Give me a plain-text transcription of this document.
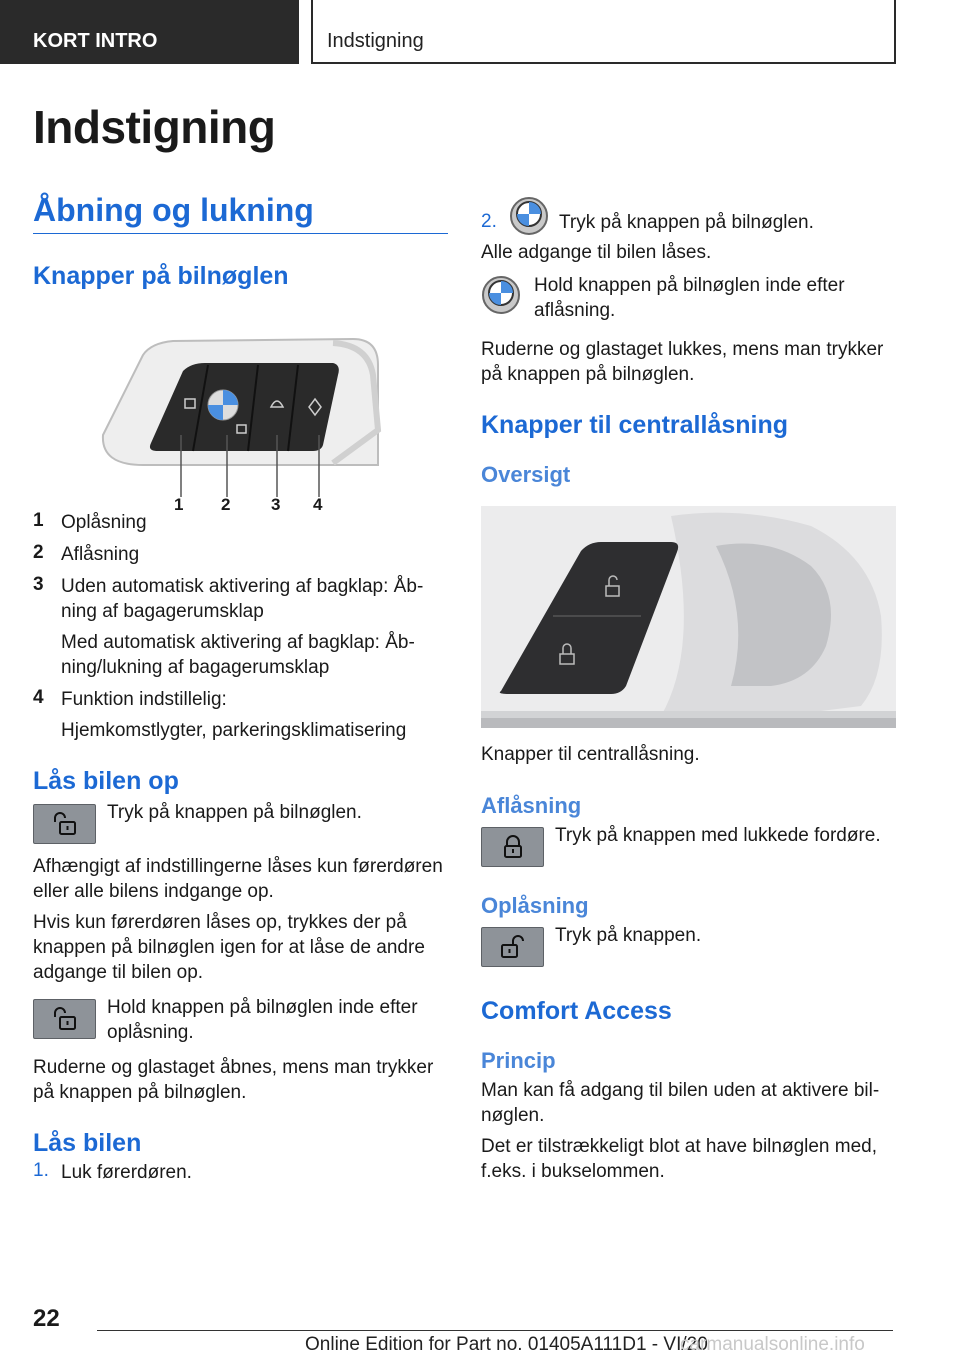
KORT INTRO	Indstigning
Indstigning
Åbning og lukning
Knapper på bilnøglen
1 2 3 4
1 Oplåsning
2 Aflåsning
3 Uden automatisk aktivering af bagklap: Åbning af bagagerumsklap
Med automatisk aktivering af bagklap: Åbning/lukning af bagagerumsklap
4 Funktion indstillelig:
Hjemkomstlygter, parkeringsklimatisering
Lås bilen op

Tryk på knappen på bilnøglen.

Afhængigt af indstillingerne låses kun førerdøren eller alle bilens indgange op.

Hvis kun førerdøren låses op, trykkes der på knappen på bilnøglen igen for at låse de andre adgange til bilen op.

Hold knappen på bilnøglen inde efter oplåsning.

Ruderne og glastaget åbnes, mens man trykker på knappen på bilnøglen.

Lås bilen
1. Luk førerdøren.
2.	Tryk på knappen på bilnøglen.

Alle adgange til bilen låses.

Hold knappen på bilnøglen inde efter aflåsning.

Ruderne og glastaget lukkes, mens man trykker på knappen på bilnøglen.

Knapper til centrallåsning
Oversigt

Knapper til centrallåsning.

Aflåsning

Tryk på knappen med lukkede fordøre.

Oplåsning

Tryk på knappen.

Comfort Access
Princip

Man kan få adgang til bilen uden at aktivere bilnøglen.

Det er tilstrækkeligt blot at have bilnøglen med, f.eks. i bukselommen.

22
Online Edition for Part no. 01405A111D1 - VI/20
carmanualsonline.info
